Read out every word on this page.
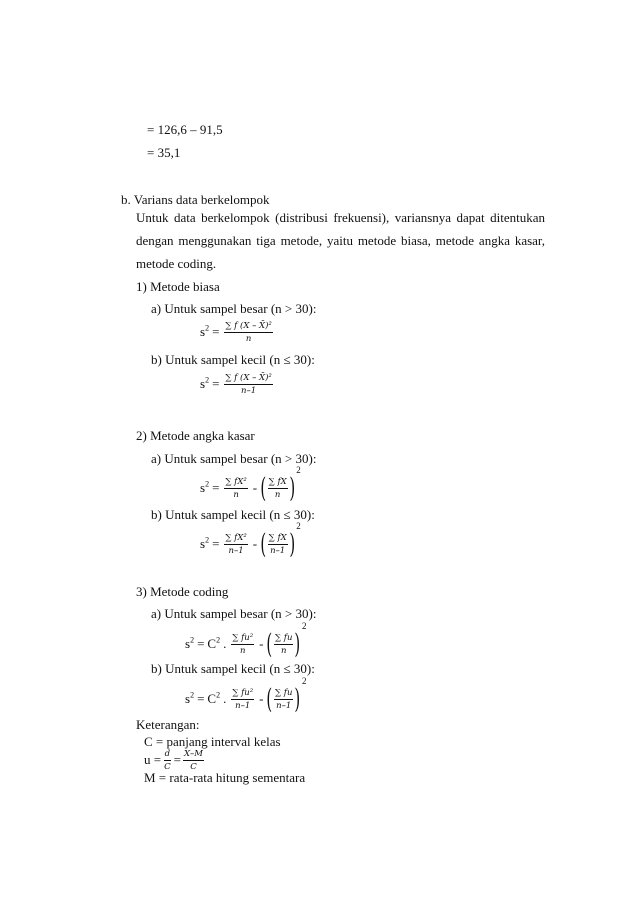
= 126,6 – 91,5
= 35,1
b. Varians data berkelompok
Untuk data berkelompok (distribusi frekuensi), variansnya dapat ditentukan
dengan menggunakan tiga metode, yaitu metode biasa, metode angka kasar,
metode coding.
1) Metode biasa
a) Untuk sampel besar (n > 30):
$s^2 = \frac{\text{∑ f (X – X̄)²}}{n}$
b) Untuk sampel kecil (n ≤ 30):
$s^2 = \frac{\text{∑ f (X – X̄)²}}{n-1}$
2) Metode angka kasar
a) Untuk sampel besar (n > 30):
$s^2 = \frac{\text{∑ fX²}}{n}$ - ( ∑ fX
n )
2
b) Untuk sampel kecil (n ≤ 30):
$s^2 = \frac{\text{∑ fX²}}{n-1}$ - ( ∑ fX
n–1 )
2
3) Metode coding
a) Untuk sampel besar (n > 30):
$s^2 = C^2$ . ∑ fu²
n - ( ∑ fu
n )
2
b) Untuk sampel kecil (n ≤ 30):
$s^2 = C^2$ . ∑ fu²
n–1 - ( ∑ fu
n–1 )
2
Keterangan:
C = panjang interval kelas
$u = \frac{d}{C} = \frac{X-M}{C}$
M = rata-rata hitung sementara
